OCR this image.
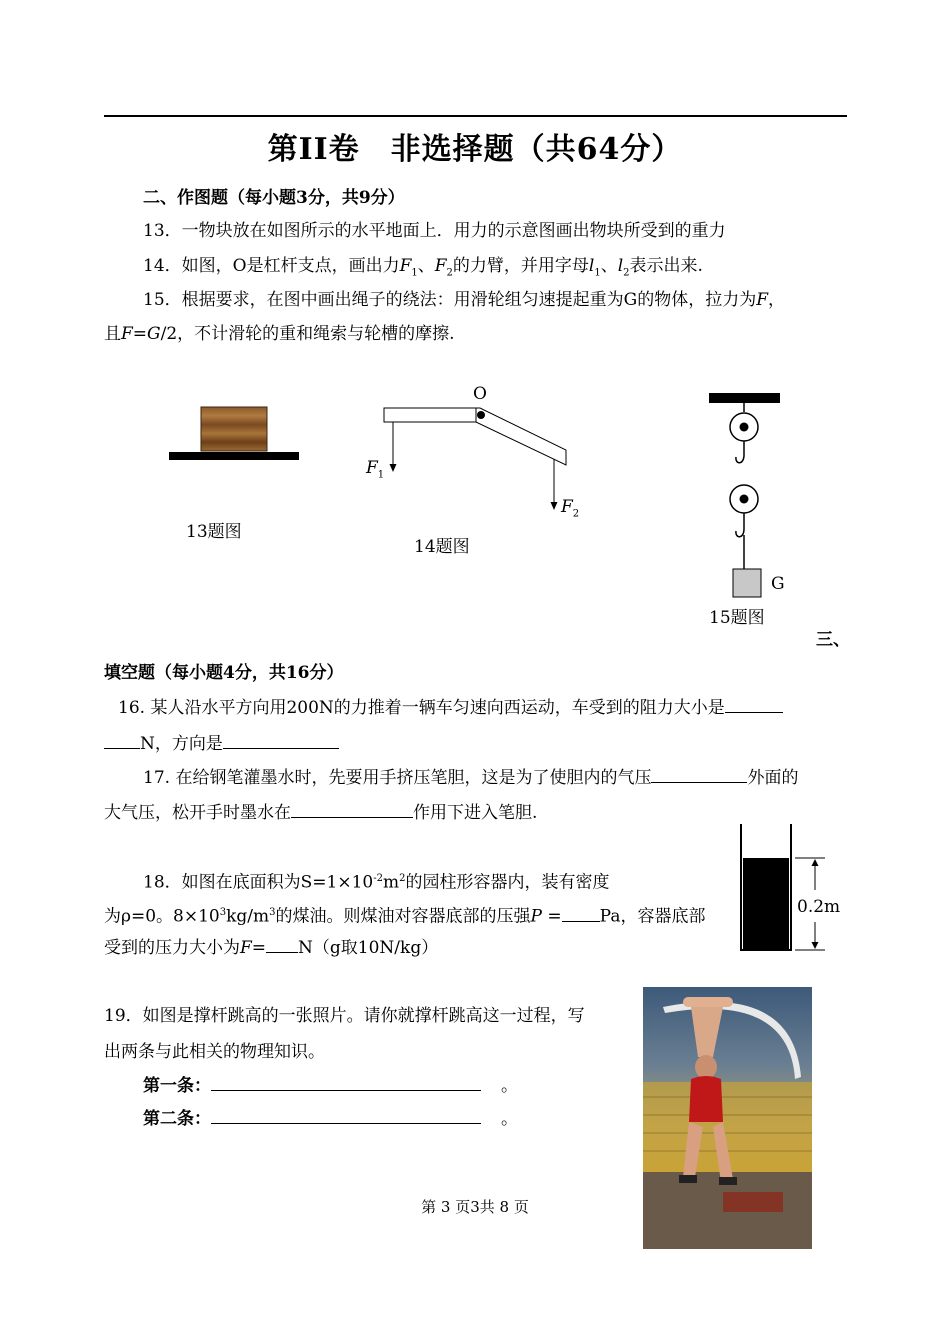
第II卷　非选择题（共64分）
二、作图题（每小题3分，共9分）
13．一物块放在如图所示的水平地面上．用力的示意图画出物块所受到的重力
14．如图，O是杠杆支点，画出力$F_1$、$F_2$的力臂，并用字母$l_1$、$l_2$表示出来.
15．根据要求，在图中画出绳子的绕法：用滑轮组匀速提起重为G的物体，拉力为F，
且F=G/2，不计滑轮的重和绳索与轮槽的摩擦.
13题图
O
$F_1$
$F_2$
14题图
G
15题图
三、
填空题（每小题4分，共16分）
16. 某人沿水平方向用200N的力推着一辆车匀速向西运动，车受到的阻力大小是
N，方向是
17. 在给钢笔灌墨水时，先要用手挤压笔胆，这是为了使胆内的气压	外面的
大气压，松开手时墨水在	作用下进入笔胆.
18．如图在底面积为$S=1\times 10^{-2}m^2$的园柱形容器内，装有密度
为ρ=0。$8\times 10^3kg/m^3$的煤油。则煤油对容器底部的压强P = Pa，容器底部
受到的压力大小为F= N（g取10N/kg）
0.2m
19．如图是撑杆跳高的一张照片。请你就撑杆跳高这一过程，写
出两条与此相关的物理知识。
第一条：	。
第二条：	。
第 3 页3共 8 页
